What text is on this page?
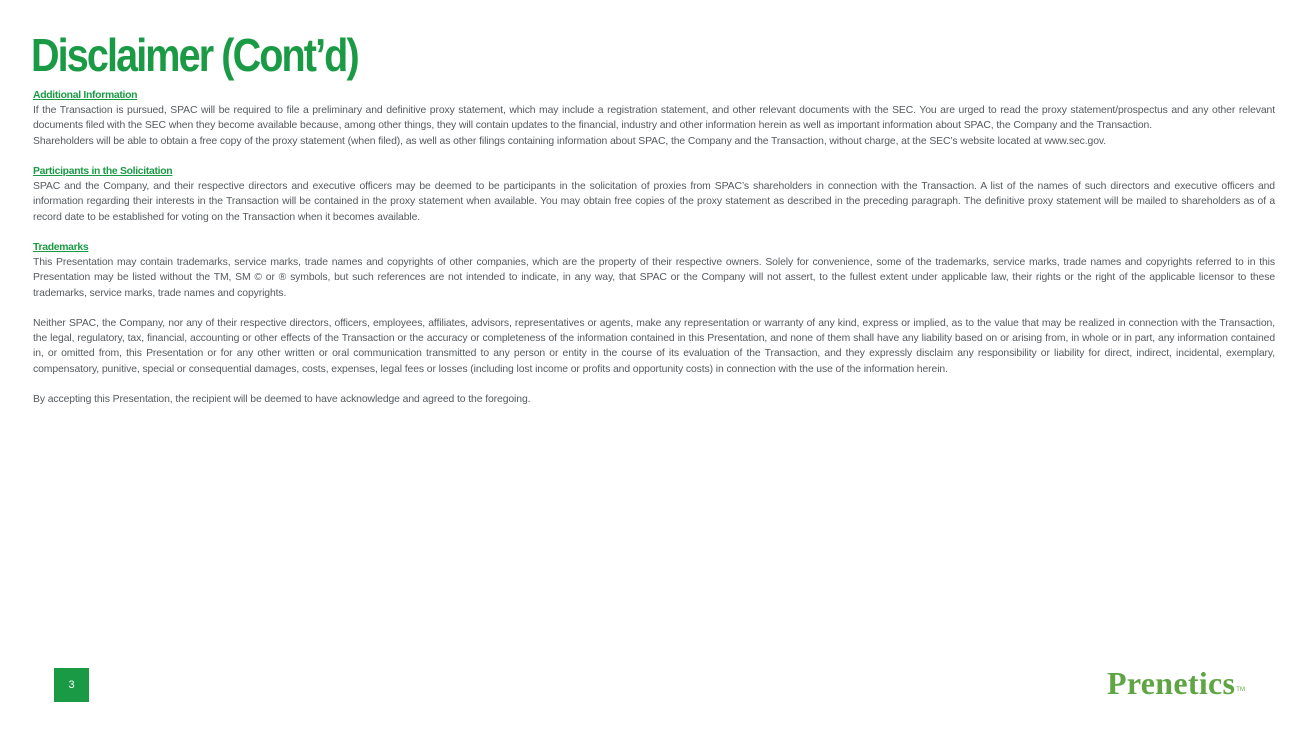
Disclaimer (Cont’d)

Additional Information

If the Transaction is pursued, SPAC will be required to file a preliminary and definitive proxy statement, which may include a registration statement, and other relevant documents with the SEC. You are urged to read the proxy statement/prospectus and any other relevant documents filed with the SEC when they become available because, among other things, they will contain updates to the financial, industry and other information herein as well as important information about SPAC, the Company and the Transaction.

Shareholders will be able to obtain a free copy of the proxy statement (when filed), as well as other filings containing information about SPAC, the Company and the Transaction, without charge, at the SEC’s website located at www.sec.gov.

Participants in the Solicitation

SPAC and the Company, and their respective directors and executive officers may be deemed to be participants in the solicitation of proxies from SPAC’s shareholders in connection with the Transaction. A list of the names of such directors and executive officers and information regarding their interests in the Transaction will be contained in the proxy statement when available. You may obtain free copies of the proxy statement as described in the preceding paragraph. The definitive proxy statement will be mailed to shareholders as of a record date to be established for voting on the Transaction when it becomes available.

Trademarks

This Presentation may contain trademarks, service marks, trade names and copyrights of other companies, which are the property of their respective owners. Solely for convenience, some of the trademarks, service marks, trade names and copyrights referred to in this Presentation may be listed without the TM, SM © or ® symbols, but such references are not intended to indicate, in any way, that SPAC or the Company will not assert, to the fullest extent under applicable law, their rights or the right of the applicable licensor to these trademarks, service marks, trade names and copyrights.

Neither SPAC, the Company, nor any of their respective directors, officers, employees, affiliates, advisors, representatives or agents, make any representation or warranty of any kind, express or implied, as to the value that may be realized in connection with the Transaction, the legal, regulatory, tax, financial, accounting or other effects of the Transaction or the accuracy or completeness of the information contained in this Presentation, and none of them shall have any liability based on or arising from, in whole or in part, any information contained in, or omitted from, this Presentation or for any other written or oral communication transmitted to any person or entity in the course of its evaluation of the Transaction, and they expressly disclaim any responsibility or liability for direct, indirect, incidental, exemplary, compensatory, punitive, special or consequential damages, costs, expenses, legal fees or losses (including lost income or profits and opportunity costs) in connection with the use of the information herein.

By accepting this Presentation, the recipient will be deemed to have acknowledge and agreed to the foregoing.

3	PreneticsTM
